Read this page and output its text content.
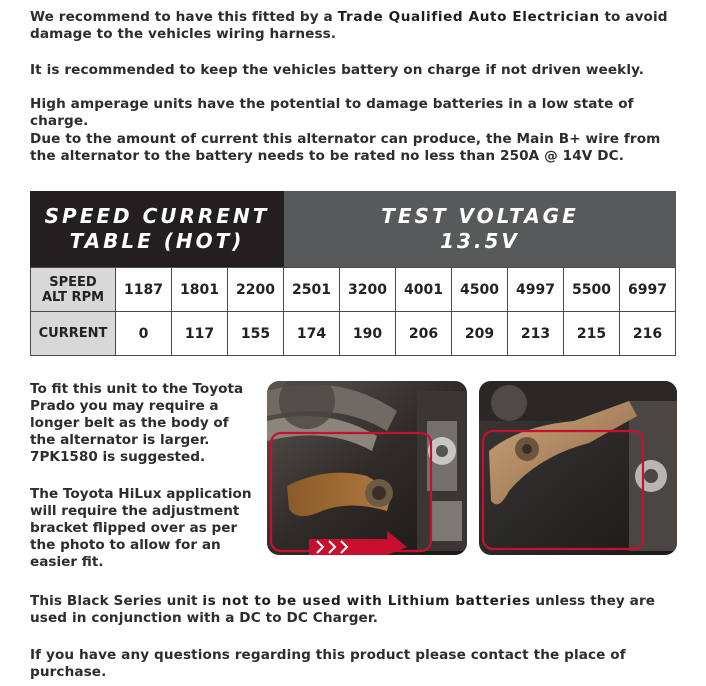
We recommend to have this fitted by a Trade Qualified Auto Electrician to avoid damage to the vehicles wiring harness.
It is recommended to keep the vehicles battery on charge if not driven weekly.
High amperage units have the potential to damage batteries in a low state of charge.
Due to the amount of current this alternator can produce, the Main B+ wire from the alternator to the battery needs to be rated no less than 250A @ 14V DC.
SPEED CURRENT
TABLE (HOT)
TEST VOLTAGE
13.5V
SPEED
ALT RPM	1187	1801	2200	2501	3200	4001	4500	4997	5500	6997
CURRENT	0	117	155	174	190	206	209	213	215	216
To fit this unit to the Toyota Prado you may require a longer belt as the body of the alternator is larger. 7PK1580 is suggested.
The Toyota HiLux application will require the adjustment bracket flipped over as per the photo to allow for an easier fit.
This Black Series unit is not to be used with Lithium batteries unless they are used in conjunction with a DC to DC Charger.
If you have any questions regarding this product please contact the place of purchase.
